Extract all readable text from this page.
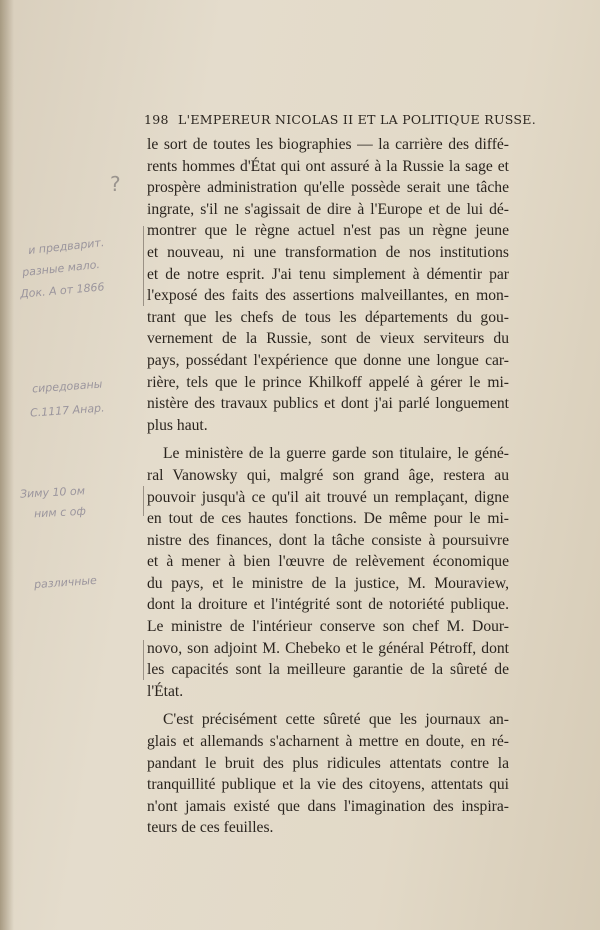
198 L'EMPEREUR NICOLAS II ET LA POLITIQUE RUSSE.
le sort de toutes les biographies — la carrière des diffé-
rents hommes d'État qui ont assuré à la Russie la sage et
prospère administration qu'elle possède serait une tâche
ingrate, s'il ne s'agissait de dire à l'Europe et de lui dé-
montrer que le règne actuel n'est pas un règne jeune
et nouveau, ni une transformation de nos institutions
et de notre esprit. J'ai tenu simplement à démentir par
l'exposé des faits des assertions malveillantes, en mon-
trant que les chefs de tous les départements du gou-
vernement de la Russie, sont de vieux serviteurs du
pays, possédant l'expérience que donne une longue car-
rière, tels que le prince Khilkoff appelé à gérer le mi-
nistère des travaux publics et dont j'ai parlé longuement
plus haut.
Le ministère de la guerre garde son titulaire, le géné-
ral Vanowsky qui, malgré son grand âge, restera au
pouvoir jusqu'à ce qu'il ait trouvé un remplaçant, digne
en tout de ces hautes fonctions. De même pour le mi-
nistre des finances, dont la tâche consiste à poursuivre
et à mener à bien l'œuvre de relèvement économique
du pays, et le ministre de la justice, M. Mouraview,
dont la droiture et l'intégrité sont de notoriété publique.
Le ministre de l'intérieur conserve son chef M. Dour-
novo, son adjoint M. Chebeko et le général Pétroff, dont
les capacités sont la meilleure garantie de la sûreté de
l'État.
C'est précisément cette sûreté que les journaux an-
glais et allemands s'acharnent à mettre en doute, en ré-
pandant le bruit des plus ridicules attentats contre la
tranquillité publique et la vie des citoyens, attentats qui
n'ont jamais existé que dans l'imagination des inspira-
teurs de ces feuilles.
?
и предварит.
разные мало.
Док. А от 1866
сиредованы
С.1117 Анар.
Зиму 10 ом
ним с оф
различные
